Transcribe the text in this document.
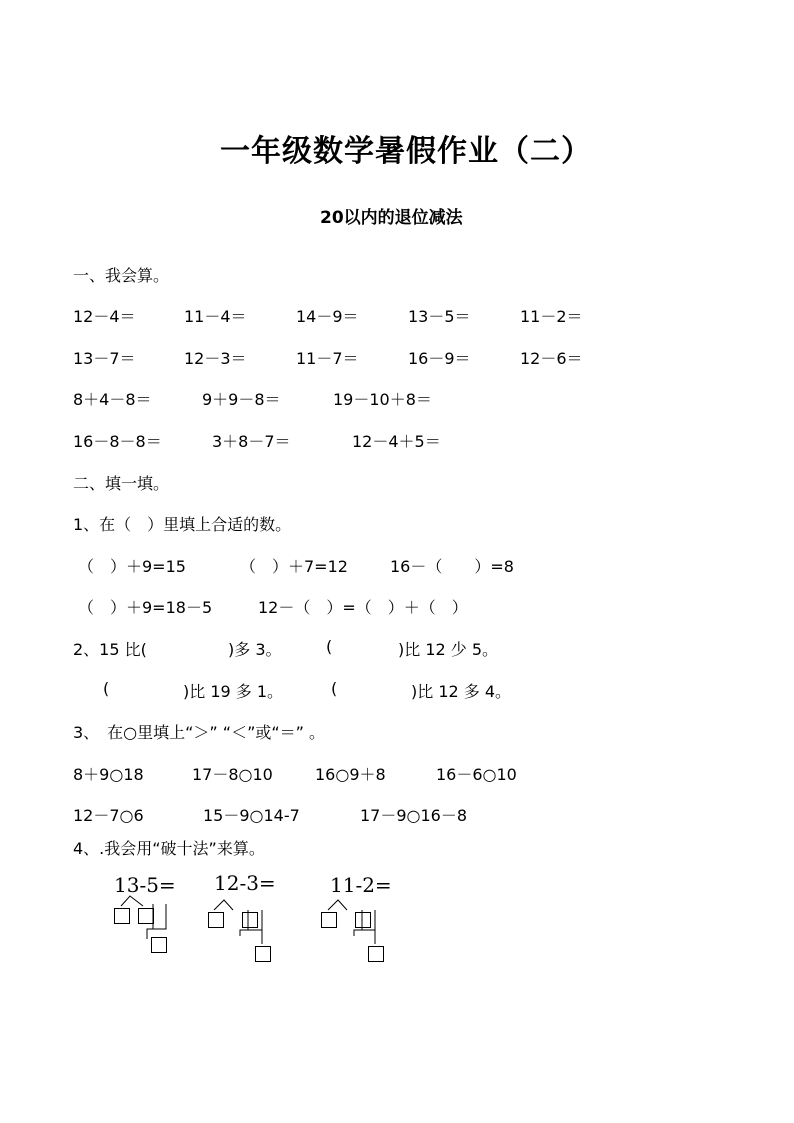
一年级数学暑假作业（二）
20以内的退位减法
一、我会算。
12－4＝	11－4＝	14－9＝	13－5＝	11－2＝
13－7＝	12－3＝	11－7＝	16－9＝	12－6＝
8＋4－8＝	9＋9－8＝	19－10＋8＝
16－8－8＝	3＋8－7＝	12－4＋5＝
二、填一填。
1、在（　）里填上合适的数。
（　）＋9=15	（　）＋7=12	16－（　　）=8
（　）＋9=18－5	12－（　）=（　）＋（　）
2、15 比(	)多 3。	(	)比 12 少 5。
(	)比 19 多 1。	(	)比 12 多 4。
3、　在○里填上“＞” “＜”或“＝” 。
8＋9○18	17－8○10	16○9＋8	16－6○10
12－7○6	15－9○14-7	17－9○16－8
4、.我会用“破十法”来算。
13-5= 12-3=	11-2=
